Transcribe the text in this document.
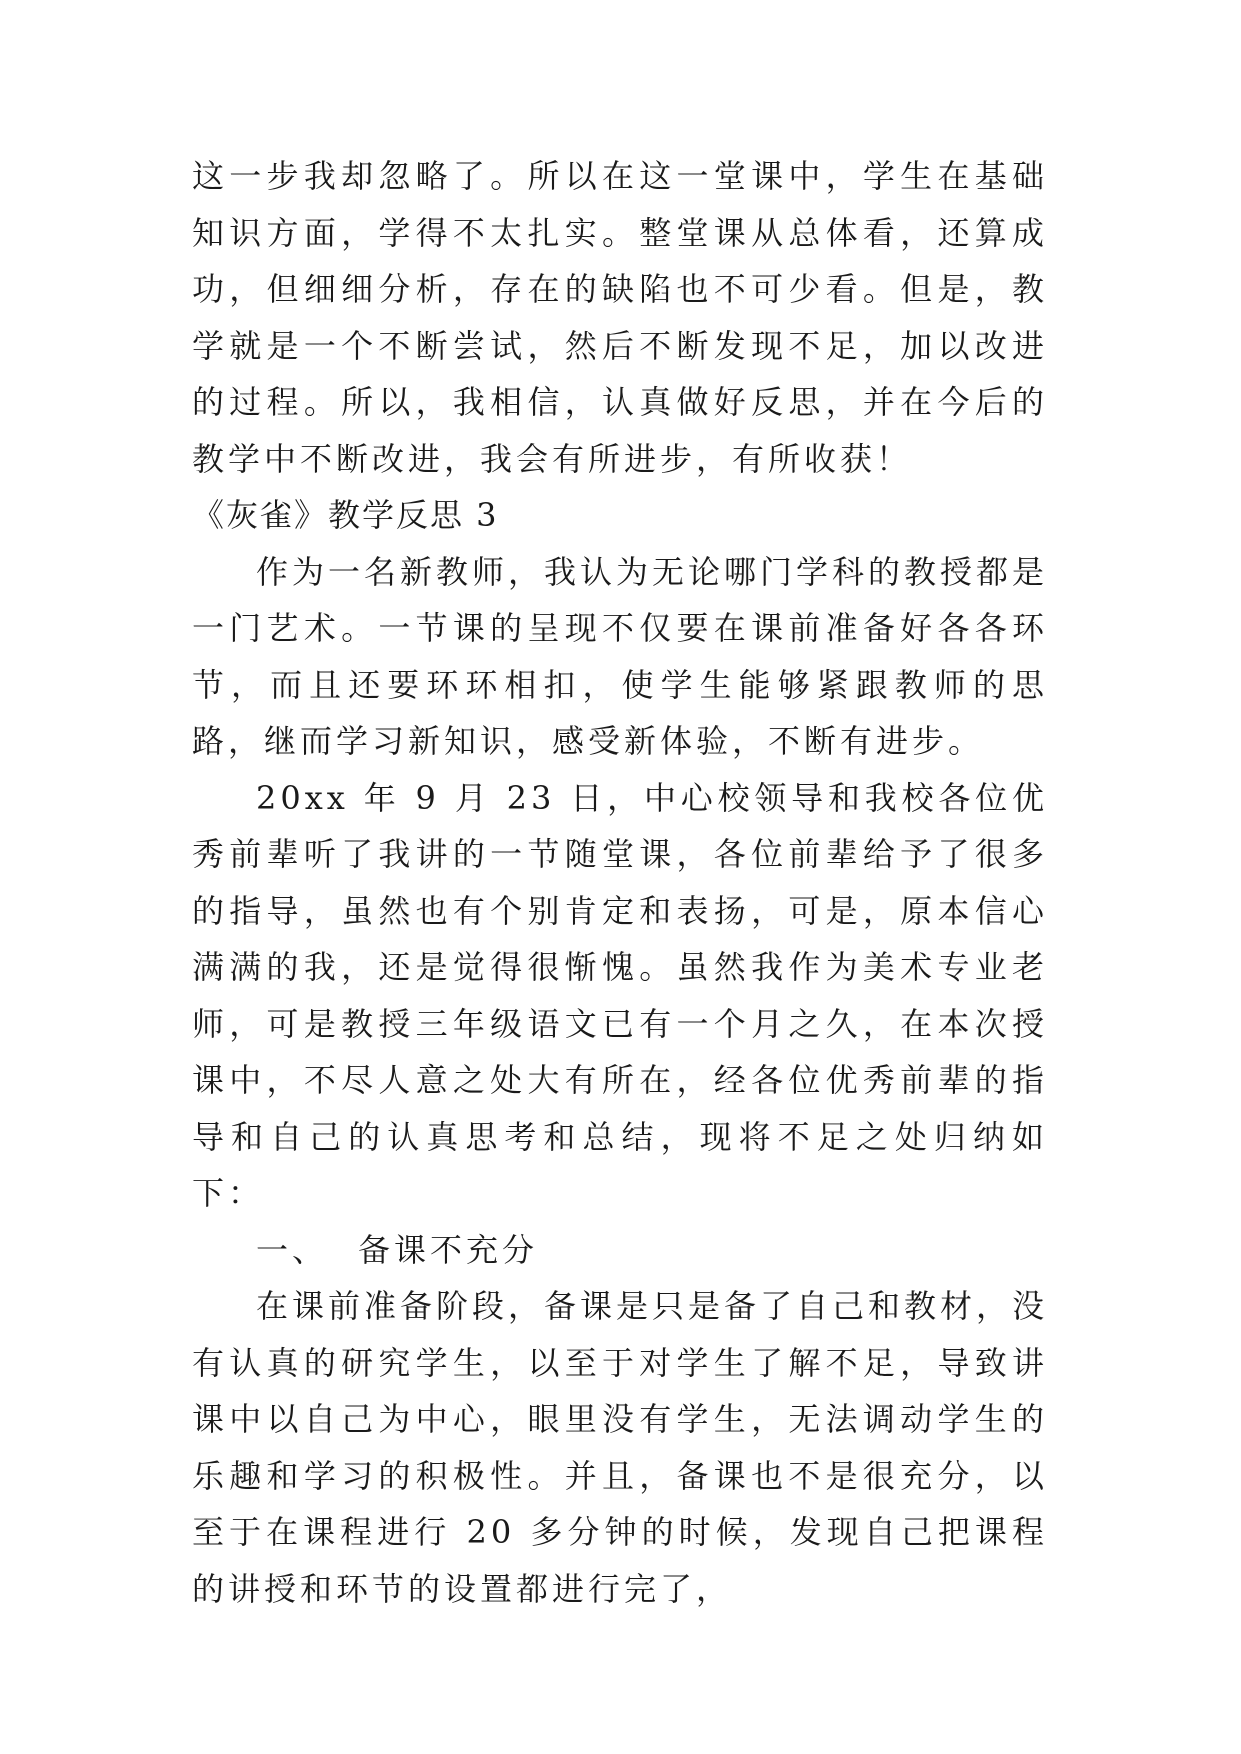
这一步我却忽略了。所以在这一堂课中，学生在基础知识方面，学得不太扎实。整堂课从总体看，还算成功，但细细分析，存在的缺陷也不可少看。但是，教学就是一个不断尝试，然后不断发现不足，加以改进的过程。所以，我相信，认真做好反思，并在今后的教学中不断改进，我会有所进步，有所收获！

《灰雀》教学反思 3

作为一名新教师，我认为无论哪门学科的教授都是一门艺术。一节课的呈现不仅要在课前准备好各各环节，而且还要环环相扣，使学生能够紧跟教师的思路，继而学习新知识，感受新体验，不断有进步。

20xx 年 9 月 23 日，中心校领导和我校各位优秀前辈听了我讲的一节随堂课，各位前辈给予了很多的指导，虽然也有个别肯定和表扬，可是，原本信心满满的我，还是觉得很惭愧。虽然我作为美术专业老师，可是教授三年级语文已有一个月之久，在本次授课中，不尽人意之处大有所在，经各位优秀前辈的指导和自己的认真思考和总结，现将不足之处归纳如下：

一、 备课不充分

在课前准备阶段，备课是只是备了自己和教材，没有认真的研究学生，以至于对学生了解不足，导致讲课中以自己为中心，眼里没有学生，无法调动学生的乐趣和学习的积极性。并且，备课也不是很充分，以至于在课程进行 20 多分钟的时候，发现自己把课程的讲授和环节的设置都进行完了，
